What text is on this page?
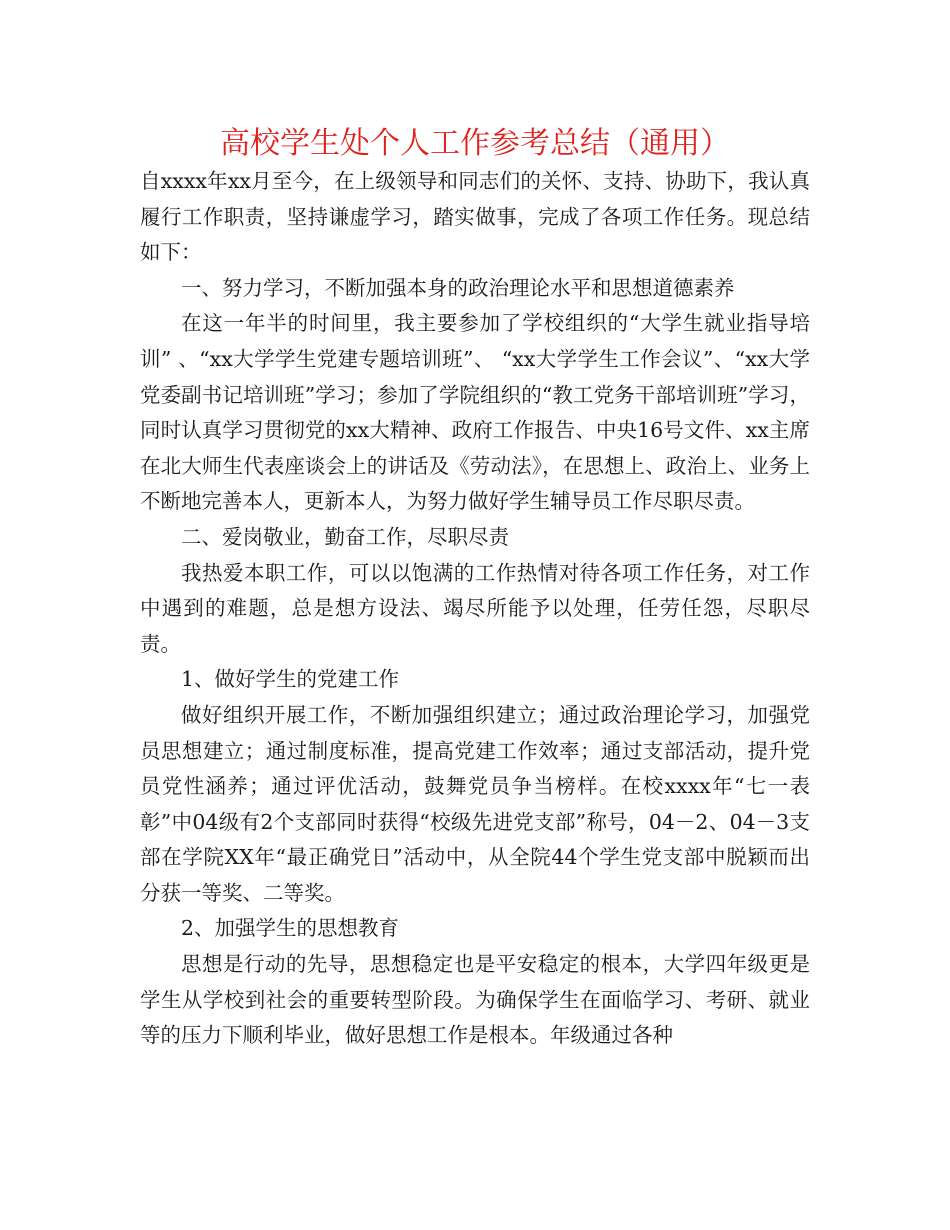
高校学生处个人工作参考总结（通用）

自xxxx年xx月至今，在上级领导和同志们的关怀、支持、协助下，我认真履行工作职责，坚持谦虚学习，踏实做事，完成了各项工作任务。现总结如下：

一、努力学习，不断加强本身的政治理论水平和思想道德素养

在这一年半的时间里，我主要参加了学校组织的“大学生就业指导培训” 、“xx大学学生党建专题培训班”、 “xx大学学生工作会议”、“xx大学党委副书记培训班”学习；参加了学院组织的“教工党务干部培训班”学习，同时认真学习贯彻党的xx大精神、政府工作报告、中央16号文件、xx主席在北大师生代表座谈会上的讲话及《劳动法》，在思想上、政治上、业务上不断地完善本人，更新本人，为努力做好学生辅导员工作尽职尽责。

二、爱岗敬业，勤奋工作，尽职尽责

我热爱本职工作，可以以饱满的工作热情对待各项工作任务，对工作中遇到的难题，总是想方设法、竭尽所能予以处理，任劳任怨，尽职尽责。

1、做好学生的党建工作

做好组织开展工作，不断加强组织建立；通过政治理论学习，加强党员思想建立；通过制度标准，提高党建工作效率；通过支部活动，提升党员党性涵养；通过评优活动，鼓舞党员争当榜样。在校xxxx年“七一表彰”中04级有2个支部同时获得“校级先进党支部”称号，04－2、04－3支部在学院XX年“最正确党日”活动中，从全院44个学生党支部中脱颖而出分获一等奖、二等奖。

2、加强学生的思想教育

思想是行动的先导，思想稳定也是平安稳定的根本，大学四年级更是学生从学校到社会的重要转型阶段。为确保学生在面临学习、考研、就业等的压力下顺利毕业，做好思想工作是根本。年级通过各种
